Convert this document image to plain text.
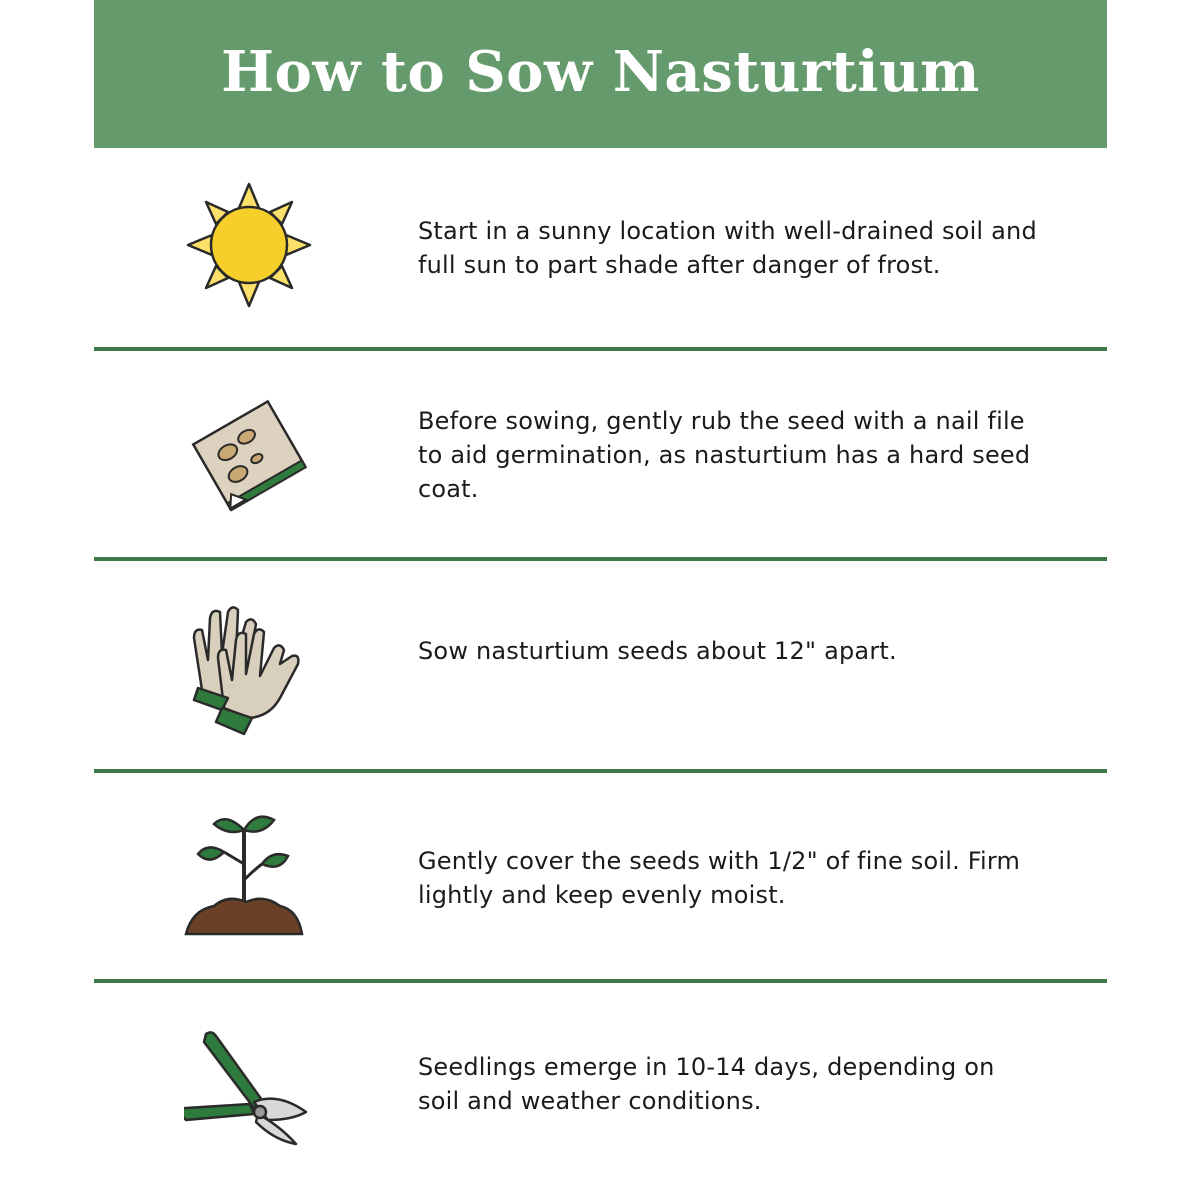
How to Sow Nasturtium
Start in a sunny location with well-drained soil and full sun to part shade after danger of frost.
Before sowing, gently rub the seed with a nail file to aid germination, as nasturtium has a hard seed coat.
Sow nasturtium seeds about 12" apart.
Gently cover the seeds with 1/2" of fine soil. Firm lightly and keep evenly moist.
Seedlings emerge in 10-14 days, depending on soil and weather conditions.
